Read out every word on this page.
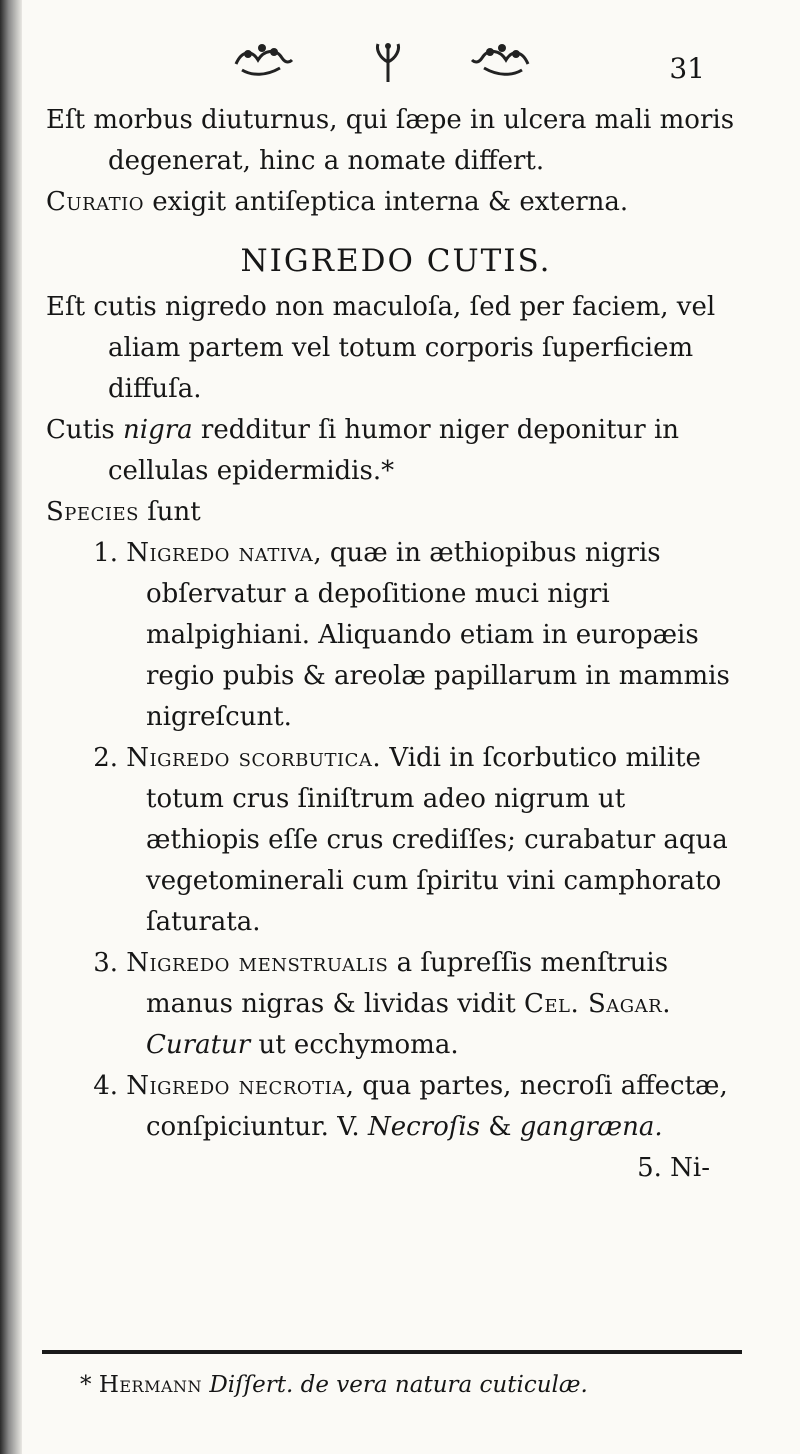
31

Eſt morbus diuturnus, qui ſæpe in ulcera mali moris degenerat, hinc a nomate differt.

Curatio exigit antiſeptica interna & externa.

NIGREDO CUTIS.

Eſt cutis nigredo non maculoſa, ſed per faciem, vel aliam partem vel totum corporis ſuperficiem diffuſa.

Cutis nigra redditur ſi humor niger deponitur in cellulas epidermidis.*

Species ſunt

1. Nigredo nativa, quæ in æthiopibus nigris obſervatur a depoſitione muci nigri malpighiani. Aliquando etiam in europæis regio pubis & areolæ papillarum in mammis nigreſcunt.

2. Nigredo scorbutica. Vidi in ſcorbutico milite totum crus ſiniſtrum adeo nigrum ut æthiopis eſſe crus crediſſes; curabatur aqua vegetominerali cum ſpiritu vini camphorato ſaturata.

3. Nigredo menstrualis a ſupreſſis menſtruis manus nigras & lividas vidit Cel. Sagar. Curatur ut ecchymoma.

4. Nigredo necrotia, qua partes, necroſi affectæ, conſpiciuntur. V. Necroſis & gangræna.

5. Ni-

* Hermann Diſſert. de vera natura cuticulæ.
